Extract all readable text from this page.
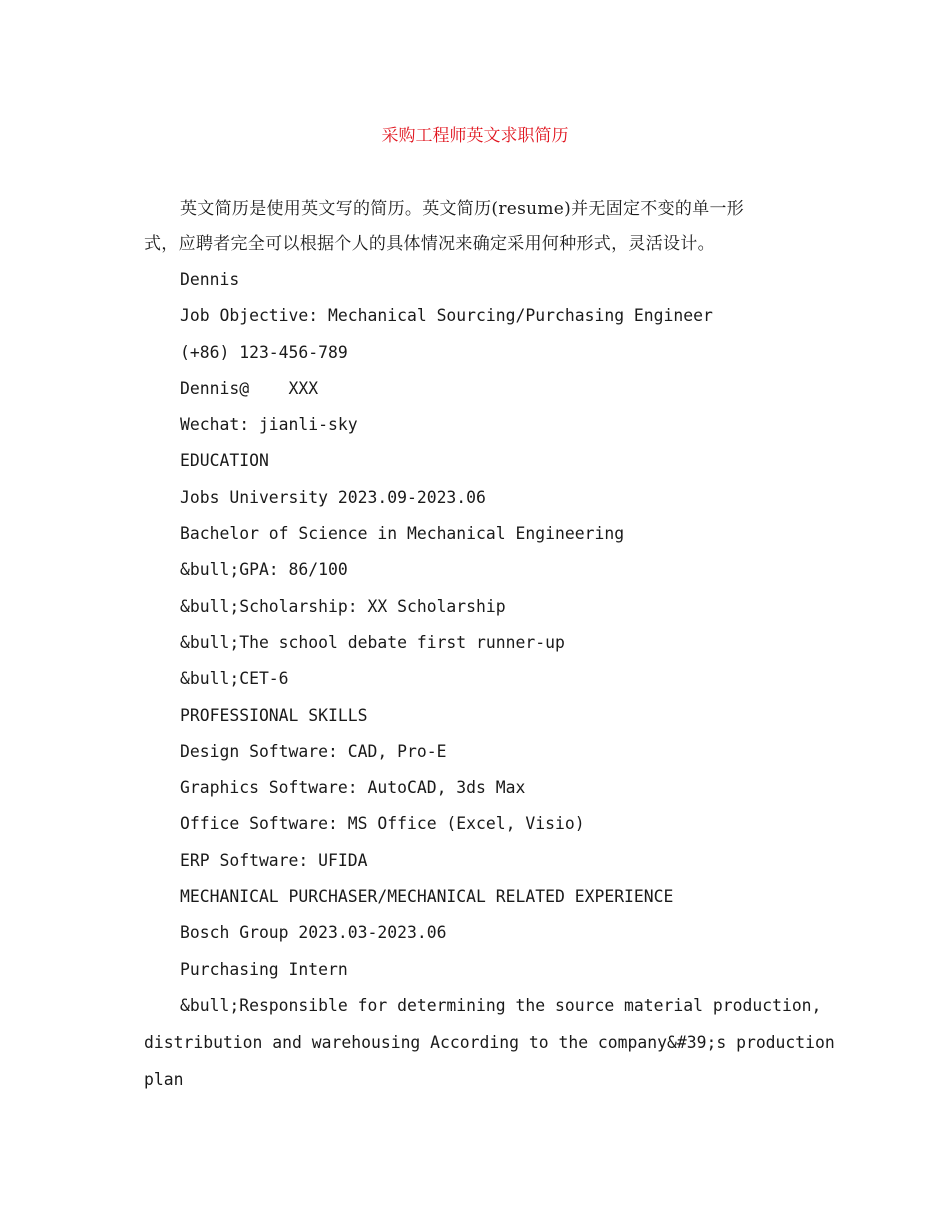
采购工程师英文求职简历

英文简历是使用英文写的简历。英文简历(resume)并无固定不变的单一形
式，应聘者完全可以根据个人的具体情况来确定采用何种形式，灵活设计。

Dennis

Job Objective: Mechanical Sourcing/Purchasing Engineer

(+86) 123-456-789

Dennis@    XXX

Wechat: jianli-sky

EDUCATION

Jobs University 2023.09-2023.06

Bachelor of Science in Mechanical Engineering

&bull;GPA: 86/100

&bull;Scholarship: XX Scholarship

&bull;The school debate first runner-up

&bull;CET-6

PROFESSIONAL SKILLS

Design Software: CAD, Pro-E

Graphics Software: AutoCAD, 3ds Max

Office Software: MS Office (Excel, Visio)

ERP Software: UFIDA

MECHANICAL PURCHASER/MECHANICAL RELATED EXPERIENCE

Bosch Group 2023.03-2023.06

Purchasing Intern

&bull;Responsible for determining the source material production,
distribution and warehousing According to the company&#39;s production
plan
